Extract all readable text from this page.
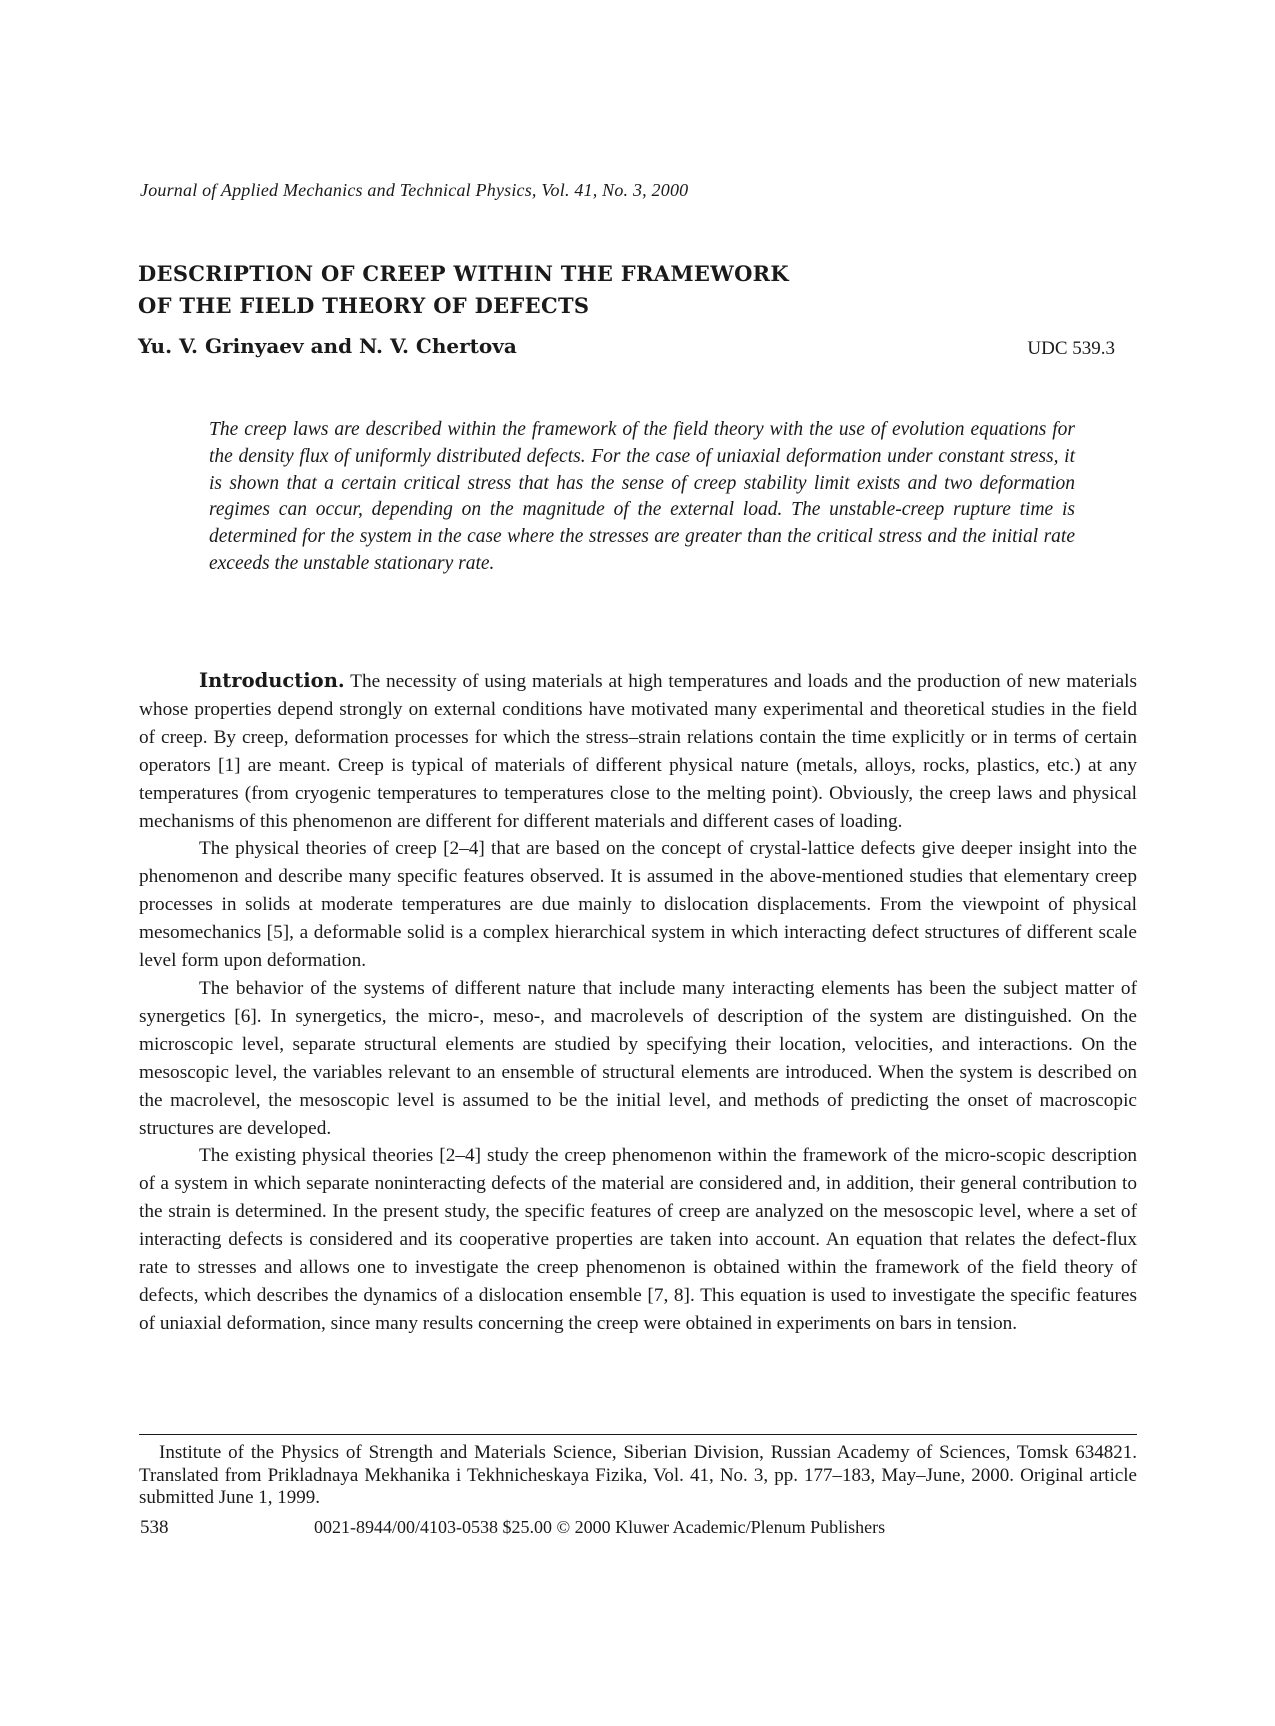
Journal of Applied Mechanics and Technical Physics, Vol. 41, No. 3, 2000
DESCRIPTION OF CREEP WITHIN THE FRAMEWORK
OF THE FIELD THEORY OF DEFECTS
Yu. V. Grinyaev and N. V. Chertova	UDC 539.3
The creep laws are described within the framework of the field theory with the use of evolution equations for the density flux of uniformly distributed defects. For the case of uniaxial deformation under constant stress, it is shown that a certain critical stress that has the sense of creep stability limit exists and two deformation regimes can occur, depending on the magnitude of the external load. The unstable-creep rupture time is determined for the system in the case where the stresses are greater than the critical stress and the initial rate exceeds the unstable stationary rate.

Introduction. The necessity of using materials at high temperatures and loads and the production of new materials whose properties depend strongly on external conditions have motivated many experimental and theoretical studies in the field of creep. By creep, deformation processes for which the stress–strain relations contain the time explicitly or in terms of certain operators [1] are meant. Creep is typical of materials of different physical nature (metals, alloys, rocks, plastics, etc.) at any temperatures (from cryogenic temperatures to temperatures close to the melting point). Obviously, the creep laws and physical mechanisms of this phenomenon are different for different materials and different cases of loading.

The physical theories of creep [2–4] that are based on the concept of crystal-lattice defects give deeper insight into the phenomenon and describe many specific features observed. It is assumed in the above-mentioned studies that elementary creep processes in solids at moderate temperatures are due mainly to dislocation displacements. From the viewpoint of physical mesomechanics [5], a deformable solid is a complex hierarchical system in which interacting defect structures of different scale level form upon deformation.

The behavior of the systems of different nature that include many interacting elements has been the subject matter of synergetics [6]. In synergetics, the micro-, meso-, and macrolevels of description of the system are distinguished. On the microscopic level, separate structural elements are studied by specifying their location, velocities, and interactions. On the mesoscopic level, the variables relevant to an ensemble of structural elements are introduced. When the system is described on the macrolevel, the mesoscopic level is assumed to be the initial level, and methods of predicting the onset of macroscopic structures are developed.

The existing physical theories [2–4] study the creep phenomenon within the framework of the micro-scopic description of a system in which separate noninteracting defects of the material are considered and, in addition, their general contribution to the strain is determined. In the present study, the specific features of creep are analyzed on the mesoscopic level, where a set of interacting defects is considered and its cooperative properties are taken into account. An equation that relates the defect-flux rate to stresses and allows one to investigate the creep phenomenon is obtained within the framework of the field theory of defects, which describes the dynamics of a dislocation ensemble [7, 8]. This equation is used to investigate the specific features of uniaxial deformation, since many results concerning the creep were obtained in experiments on bars in tension.

Institute of the Physics of Strength and Materials Science, Siberian Division, Russian Academy of Sciences, Tomsk 634821. Translated from Prikladnaya Mekhanika i Tekhnicheskaya Fizika, Vol. 41, No. 3, pp. 177–183, May–June, 2000. Original article submitted June 1, 1999.

538	0021-8944/00/4103-0538 $25.00 © 2000 Kluwer Academic/Plenum Publishers
